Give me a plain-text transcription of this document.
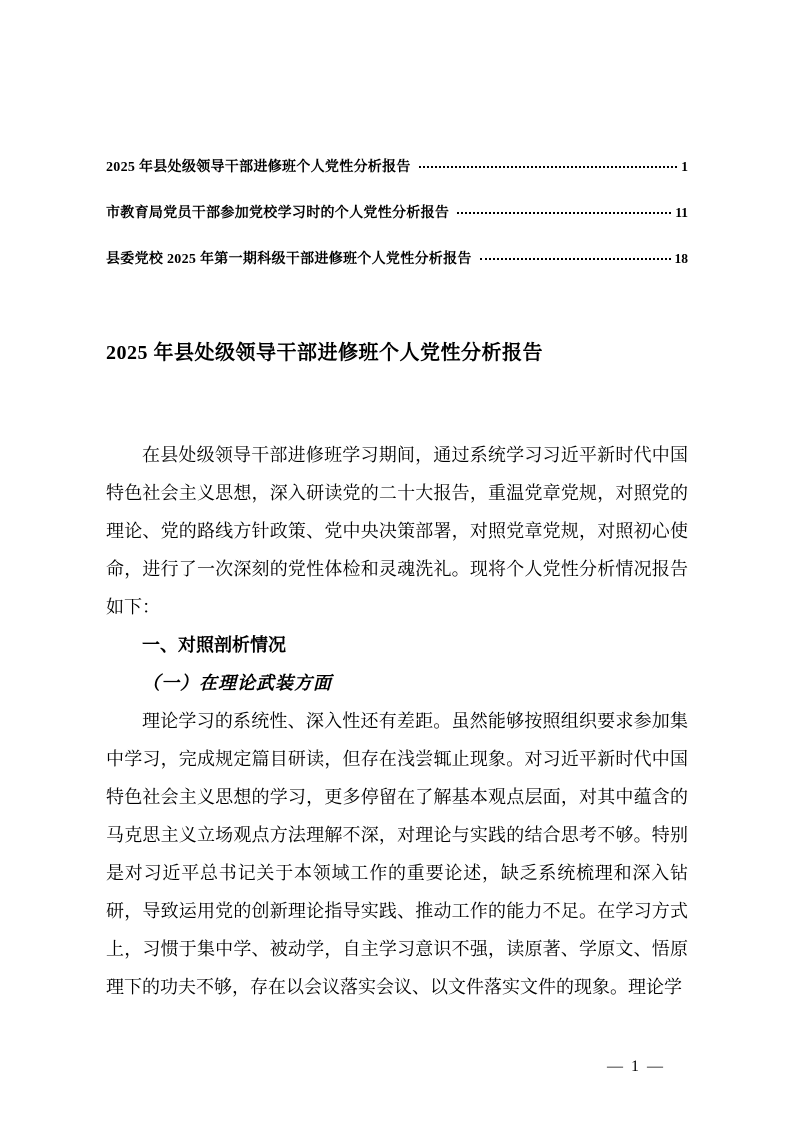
2025 年县处级领导干部进修班个人党性分析报告	1
市教育局党员干部参加党校学习时的个人党性分析报告	11
县委党校 2025 年第一期科级干部进修班个人党性分析报告	18
2025 年县处级领导干部进修班个人党性分析报告

在县处级领导干部进修班学习期间，通过系统学习习近平新时代中国特色社会主义思想，深入研读党的二十大报告，重温党章党规，对照党的理论、党的路线方针政策、党中央决策部署，对照党章党规，对照初心使命，进行了一次深刻的党性体检和灵魂洗礼。现将个人党性分析情况报告如下：

一、对照剖析情况

（一）在理论武装方面

理论学习的系统性、深入性还有差距。虽然能够按照组织要求参加集中学习，完成规定篇目研读，但存在浅尝辄止现象。对习近平新时代中国特色社会主义思想的学习，更多停留在了解基本观点层面，对其中蕴含的马克思主义立场观点方法理解不深，对理论与实践的结合思考不够。特别是对习近平总书记关于本领域工作的重要论述，缺乏系统梳理和深入钻研，导致运用党的创新理论指导实践、推动工作的能力不足。在学习方式上，习惯于集中学、被动学，自主学习意识不强，读原著、学原文、悟原理下的功夫不够，存在以会议落实会议、以文件落实文件的现象。理论学

— 1 —
